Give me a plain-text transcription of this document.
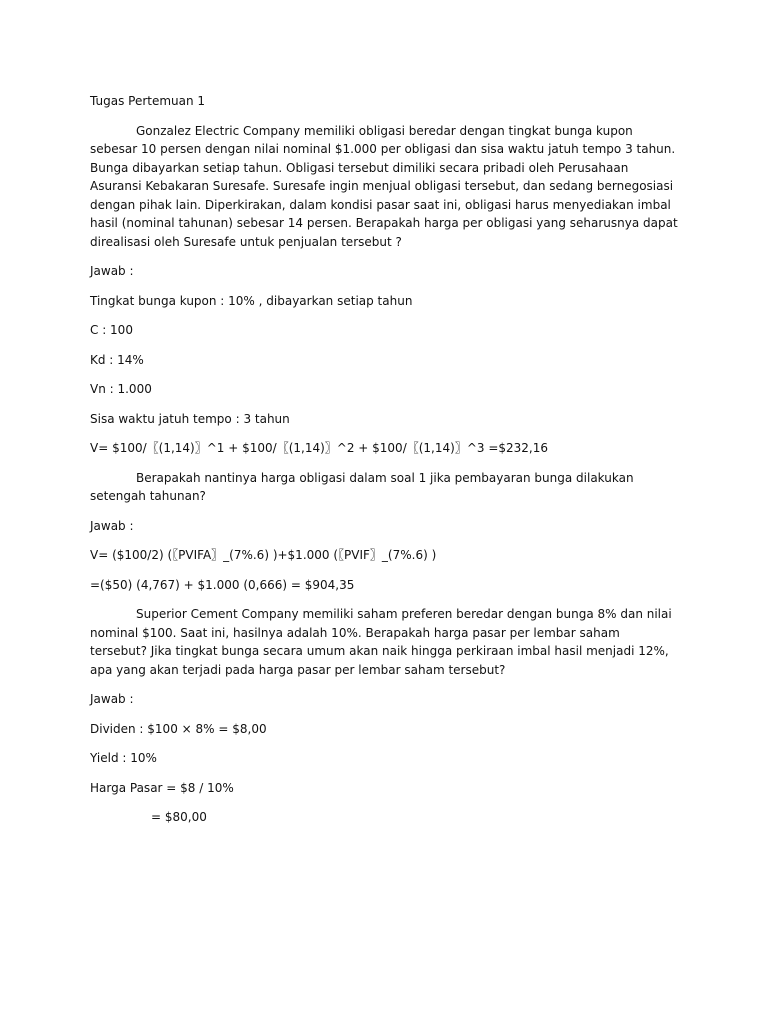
Tugas Pertemuan 1

Gonzalez Electric Company memiliki obligasi beredar dengan tingkat bunga kupon sebesar 10 persen dengan nilai nominal $1.000 per obligasi dan sisa waktu jatuh tempo 3 tahun. Bunga dibayarkan setiap tahun. Obligasi tersebut dimiliki secara pribadi oleh Perusahaan Asuransi Kebakaran Suresafe. Suresafe ingin menjual obligasi tersebut, dan sedang bernegosiasi dengan pihak lain. Diperkirakan, dalam kondisi pasar saat ini, obligasi harus menyediakan imbal hasil (nominal tahunan) sebesar 14 persen. Berapakah harga per obligasi yang seharusnya dapat direalisasi oleh Suresafe untuk penjualan tersebut ?

Jawab :

Tingkat bunga kupon : 10% , dibayarkan setiap tahun

C : 100

Kd : 14%

Vn : 1.000

Sisa waktu jatuh tempo : 3 tahun

V= $100/〖(1,14)〗^1 + $100/〖(1,14)〗^2 + $100/〖(1,14)〗^3 =$232,16

Berapakah nantinya harga obligasi dalam soal 1 jika pembayaran bunga dilakukan setengah tahunan?

Jawab :

V= ($100/2) (〖PVIFA〗_(7%.6) )+$1.000 (〖PVIF〗_(7%.6) )

=($50) (4,767) + $1.000 (0,666) = $904,35

Superior Cement Company memiliki saham preferen beredar dengan bunga 8% dan nilai nominal $100. Saat ini, hasilnya adalah 10%. Berapakah harga pasar per lembar saham tersebut? Jika tingkat bunga secara umum akan naik hingga perkiraan imbal hasil menjadi 12%, apa yang akan terjadi pada harga pasar per lembar saham tersebut?

Jawab :

Dividen : $100 × 8% = $8,00

Yield : 10%

Harga Pasar = $8 / 10%

= $80,00
